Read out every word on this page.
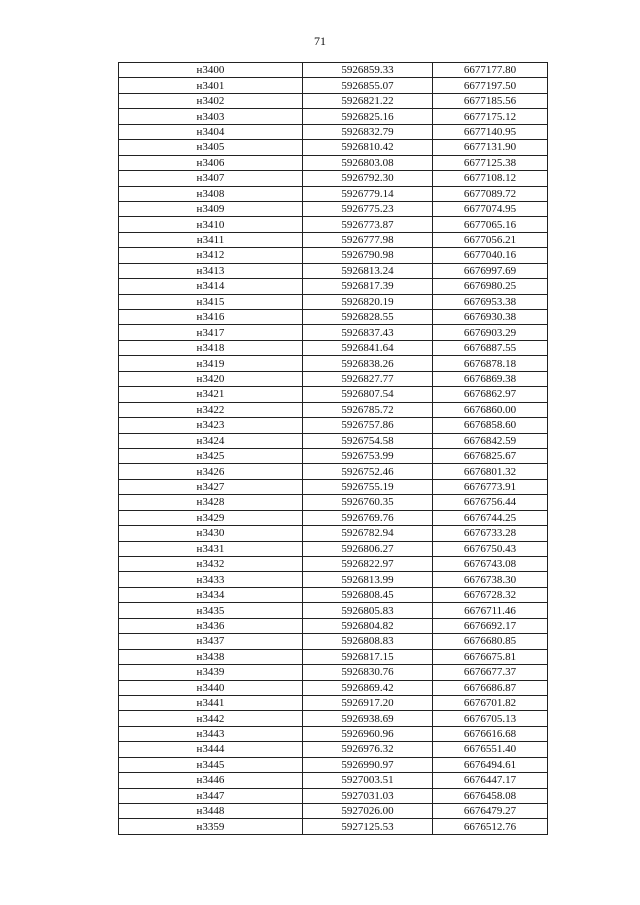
71
н3400	5926859.33	6677177.80
н3401	5926855.07	6677197.50
н3402	5926821.22	6677185.56
н3403	5926825.16	6677175.12
н3404	5926832.79	6677140.95
н3405	5926810.42	6677131.90
н3406	5926803.08	6677125.38
н3407	5926792.30	6677108.12
н3408	5926779.14	6677089.72
н3409	5926775.23	6677074.95
н3410	5926773.87	6677065.16
н3411	5926777.98	6677056.21
н3412	5926790.98	6677040.16
н3413	5926813.24	6676997.69
н3414	5926817.39	6676980.25
н3415	5926820.19	6676953.38
н3416	5926828.55	6676930.38
н3417	5926837.43	6676903.29
н3418	5926841.64	6676887.55
н3419	5926838.26	6676878.18
н3420	5926827.77	6676869.38
н3421	5926807.54	6676862.97
н3422	5926785.72	6676860.00
н3423	5926757.86	6676858.60
н3424	5926754.58	6676842.59
н3425	5926753.99	6676825.67
н3426	5926752.46	6676801.32
н3427	5926755.19	6676773.91
н3428	5926760.35	6676756.44
н3429	5926769.76	6676744.25
н3430	5926782.94	6676733.28
н3431	5926806.27	6676750.43
н3432	5926822.97	6676743.08
н3433	5926813.99	6676738.30
н3434	5926808.45	6676728.32
н3435	5926805.83	6676711.46
н3436	5926804.82	6676692.17
н3437	5926808.83	6676680.85
н3438	5926817.15	6676675.81
н3439	5926830.76	6676677.37
н3440	5926869.42	6676686.87
н3441	5926917.20	6676701.82
н3442	5926938.69	6676705.13
н3443	5926960.96	6676616.68
н3444	5926976.32	6676551.40
н3445	5926990.97	6676494.61
н3446	5927003.51	6676447.17
н3447	5927031.03	6676458.08
н3448	5927026.00	6676479.27
н3359	5927125.53	6676512.76
